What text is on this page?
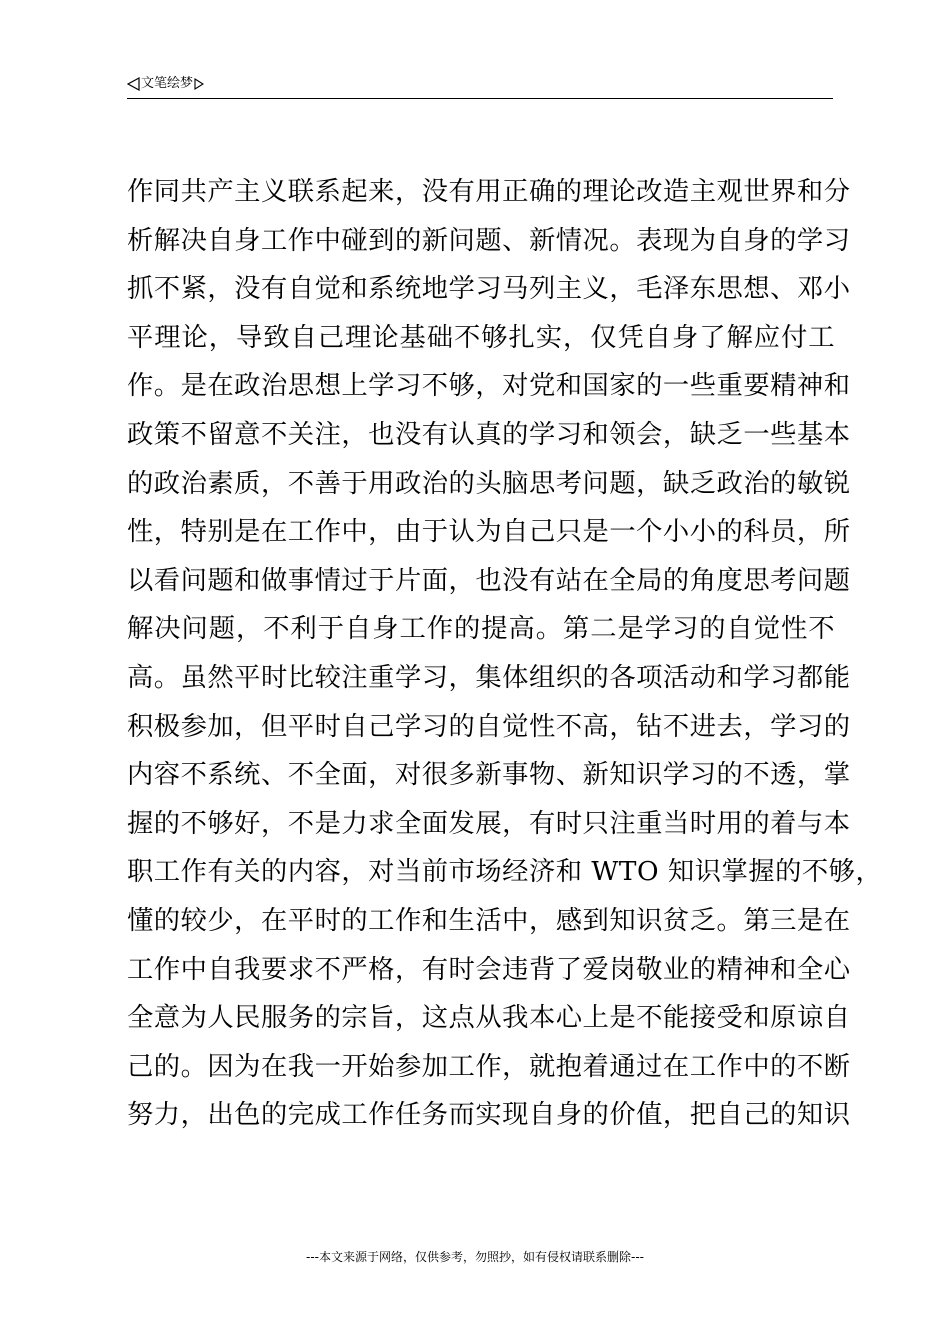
文笔绘梦
作同共产主义联系起来，没有用正确的理论改造主观世界和分
析解决自身工作中碰到的新问题、新情况。表现为自身的学习
抓不紧，没有自觉和系统地学习马列主义，毛泽东思想、邓小
平理论，导致自己理论基础不够扎实，仅凭自身了解应付工
作。是在政治思想上学习不够，对党和国家的一些重要精神和
政策不留意不关注，也没有认真的学习和领会，缺乏一些基本
的政治素质，不善于用政治的头脑思考问题，缺乏政治的敏锐
性，特别是在工作中，由于认为自己只是一个小小的科员，所
以看问题和做事情过于片面，也没有站在全局的角度思考问题
解决问题，不利于自身工作的提高。第二是学习的自觉性不
高。虽然平时比较注重学习，集体组织的各项活动和学习都能
积极参加，但平时自己学习的自觉性不高，钻不进去，学习的
内容不系统、不全面，对很多新事物、新知识学习的不透，掌
握的不够好，不是力求全面发展，有时只注重当时用的着与本
职工作有关的内容，对当前市场经济和 WTO 知识掌握的不够，
懂的较少，在平时的工作和生活中，感到知识贫乏。第三是在
工作中自我要求不严格，有时会违背了爱岗敬业的精神和全心
全意为人民服务的宗旨，这点从我本心上是不能接受和原谅自
己的。因为在我一开始参加工作，就抱着通过在工作中的不断
努力，出色的完成工作任务而实现自身的价值，把自己的知识
---本文来源于网络，仅供参考，勿照抄，如有侵权请联系删除---
